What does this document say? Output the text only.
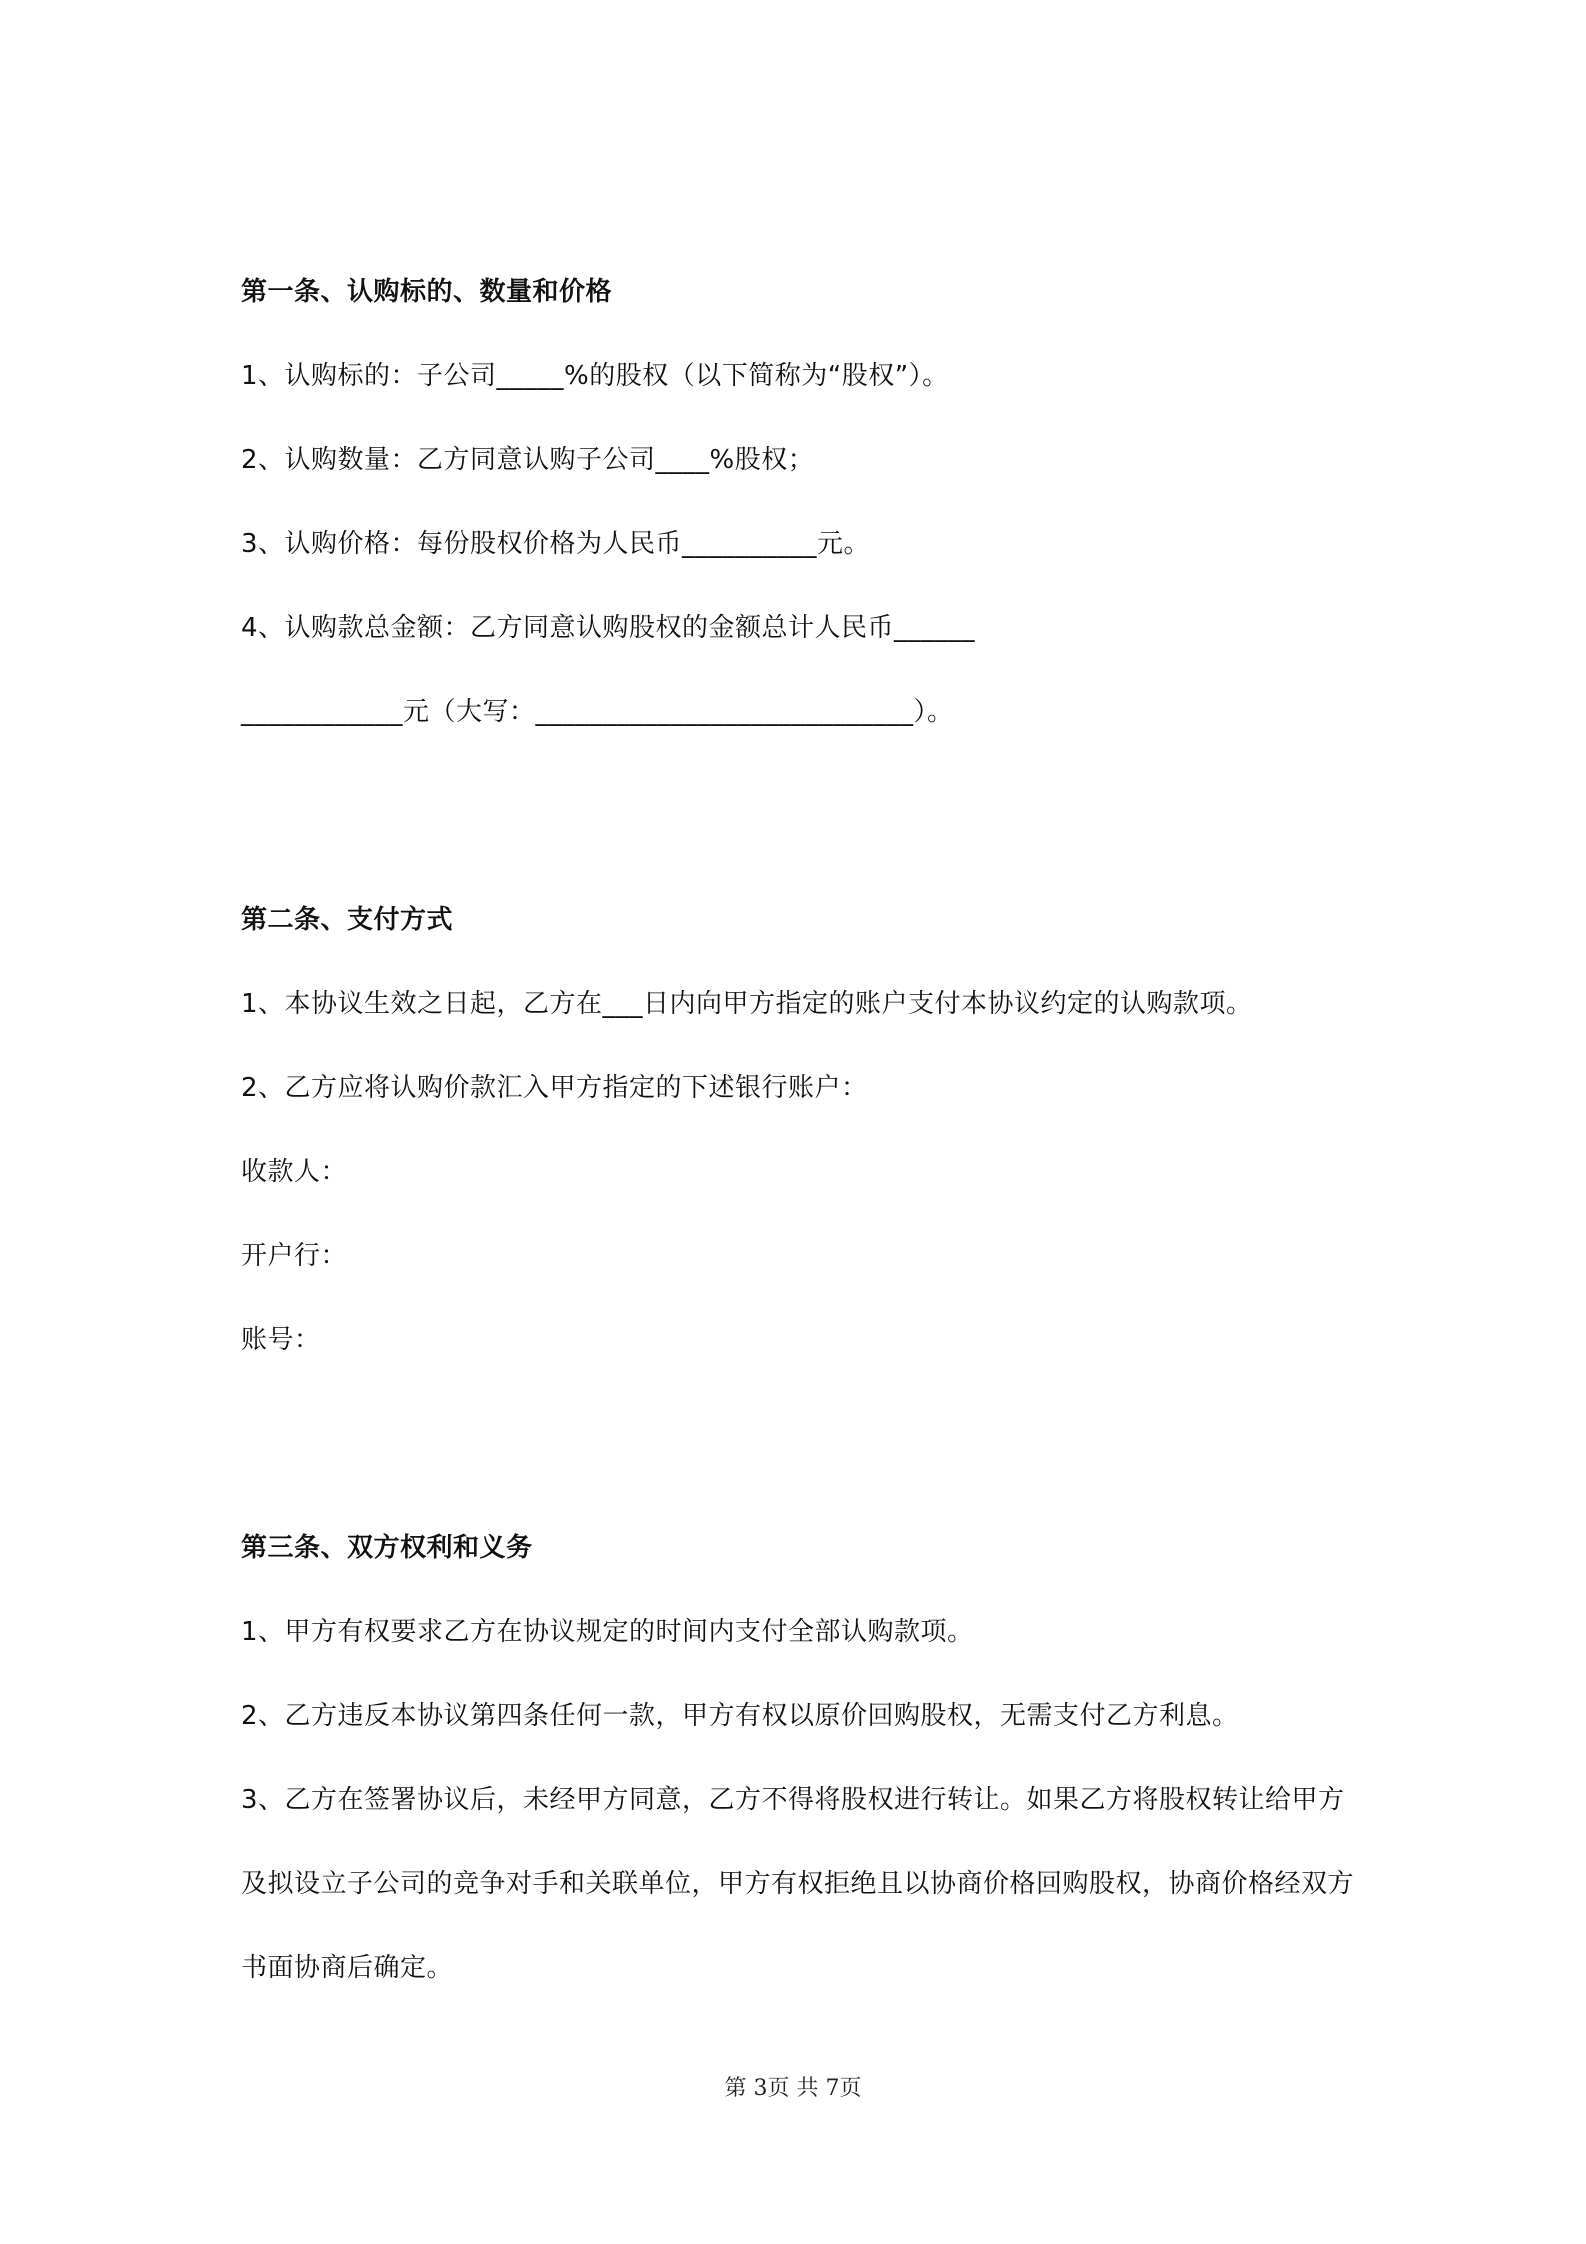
第一条、认购标的、数量和价格

1、认购标的：子公司_____%的股权（以下简称为“股权”）。

2、认购数量：乙方同意认购子公司____%股权；

3、认购价格：每份股权价格为人民币__________元。

4、认购款总金额：乙方同意认购股权的金额总计人民币______

____________元（大写：____________________________）。

第二条、支付方式

1、本协议生效之日起，乙方在___日内向甲方指定的账户支付本协议约定的认购款项。

2、乙方应将认购价款汇入甲方指定的下述银行账户：

收款人：

开户行：

账号：

第三条、双方权利和义务

1、甲方有权要求乙方在协议规定的时间内支付全部认购款项。

2、乙方违反本协议第四条任何一款，甲方有权以原价回购股权，无需支付乙方利息。

3、乙方在签署协议后，未经甲方同意，乙方不得将股权进行转让。如果乙方将股权转让给甲方

及拟设立子公司的竞争对手和关联单位，甲方有权拒绝且以协商价格回购股权，协商价格经双方

书面协商后确定。

第 3页 共 7页
